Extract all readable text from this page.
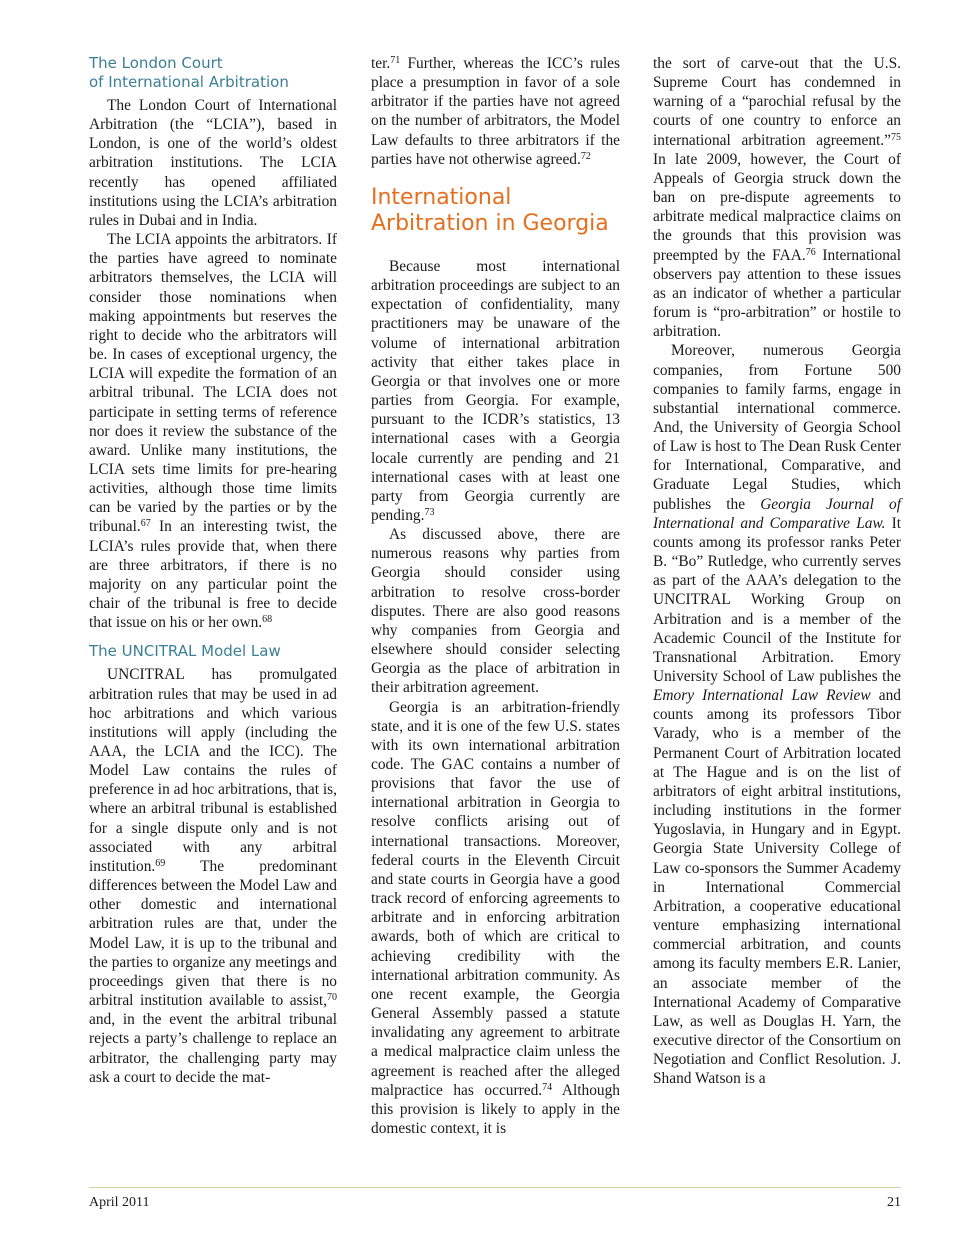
The London Court
of International Arbitration

The London Court of International Arbitration (the “LCIA”), based in London, is one of the world’s oldest arbitration institutions. The LCIA recently has opened affiliated institutions using the LCIA’s arbitration rules in Dubai and in India.

The LCIA appoints the arbitrators. If the parties have agreed to nominate arbitrators themselves, the LCIA will consider those nominations when making appointments but reserves the right to decide who the arbitrators will be. In cases of exceptional urgency, the LCIA will expedite the formation of an arbitral tribunal. The LCIA does not participate in setting terms of reference nor does it review the substance of the award. Unlike many institutions, the LCIA sets time limits for pre-hearing activities, although those time limits can be varied by the parties or by the tribunal.$^{67}$ In an interesting twist, the LCIA’s rules provide that, when there are three arbitrators, if there is no majority on any particular point the chair of the tribunal is free to decide that issue on his or her own.$^{68}$

The UNCITRAL Model Law

UNCITRAL has promulgated arbitration rules that may be used in ad hoc arbitrations and which various institutions will apply (including the AAA, the LCIA and the ICC). The Model Law contains the rules of preference in ad hoc arbitrations, that is, where an arbitral tribunal is established for a single dispute only and is not associated with any arbitral institution.$^{69}$ The predominant differences between the Model Law and other domestic and international arbitration rules are that, under the Model Law, it is up to the tribunal and the parties to organize any meetings and proceedings given that there is no arbitral institution available to assist,$^{70}$ and, in the event the arbitral tribunal rejects a party’s challenge to replace an arbitrator, the challenging party may ask a court to decide the mat-

ter.$^{71}$ Further, whereas the ICC’s rules place a presumption in favor of a sole arbitrator if the parties have not agreed on the number of arbitrators, the Model Law defaults to three arbitrators if the parties have not otherwise agreed.$^{72}$

International
Arbitration in Georgia

Because most international arbitration proceedings are subject to an expectation of confidentiality, many practitioners may be unaware of the volume of international arbitration activity that either takes place in Georgia or that involves one or more parties from Georgia. For example, pursuant to the ICDR’s statistics, 13 international cases with a Georgia locale currently are pending and 21 international cases with at least one party from Georgia currently are pending.$^{73}$

As discussed above, there are numerous reasons why parties from Georgia should consider using arbitration to resolve cross-border disputes. There are also good reasons why companies from Georgia and elsewhere should consider selecting Georgia as the place of arbitration in their arbitration agreement.

Georgia is an arbitration-friendly state, and it is one of the few U.S. states with its own international arbitration code. The GAC contains a number of provisions that favor the use of international arbitration in Georgia to resolve conflicts arising out of international transactions. Moreover, federal courts in the Eleventh Circuit and state courts in Georgia have a good track record of enforcing agreements to arbitrate and in enforcing arbitration awards, both of which are critical to achieving credibility with the international arbitration community. As one recent example, the Georgia General Assembly passed a statute invalidating any agreement to arbitrate a medical malpractice claim unless the agreement is reached after the alleged malpractice has occurred.$^{74}$ Although this provision is likely to apply in the domestic context, it is

the sort of carve-out that the U.S. Supreme Court has condemned in warning of a “parochial refusal by the courts of one country to enforce an international arbitration agreement.”$^{75}$ In late 2009, however, the Court of Appeals of Georgia struck down the ban on pre-dispute agreements to arbitrate medical malpractice claims on the grounds that this provision was preempted by the FAA.$^{76}$ International observers pay attention to these issues as an indicator of whether a particular forum is “pro-arbitration” or hostile to arbitration.

Moreover, numerous Georgia companies, from Fortune 500 companies to family farms, engage in substantial international commerce. And, the University of Georgia School of Law is host to The Dean Rusk Center for International, Comparative, and Graduate Legal Studies, which publishes the Georgia Journal of International and Comparative Law. It counts among its professor ranks Peter B. “Bo” Rutledge, who currently serves as part of the AAA’s delegation to the UNCITRAL Working Group on Arbitration and is a member of the Academic Council of the Institute for Transnational Arbitration. Emory University School of Law publishes the Emory International Law Review and counts among its professors Tibor Varady, who is a member of the Permanent Court of Arbitration located at The Hague and is on the list of arbitrators of eight arbitral institutions, including institutions in the former Yugoslavia, in Hungary and in Egypt. Georgia State University College of Law co-sponsors the Summer Academy in International Commercial Arbitration, a cooperative educational venture emphasizing international commercial arbitration, and counts among its faculty members E.R. Lanier, an associate member of the International Academy of Comparative Law, as well as Douglas H. Yarn, the executive director of the Consortium on Negotiation and Conflict Resolution. J. Shand Watson is a

April 2011	21
